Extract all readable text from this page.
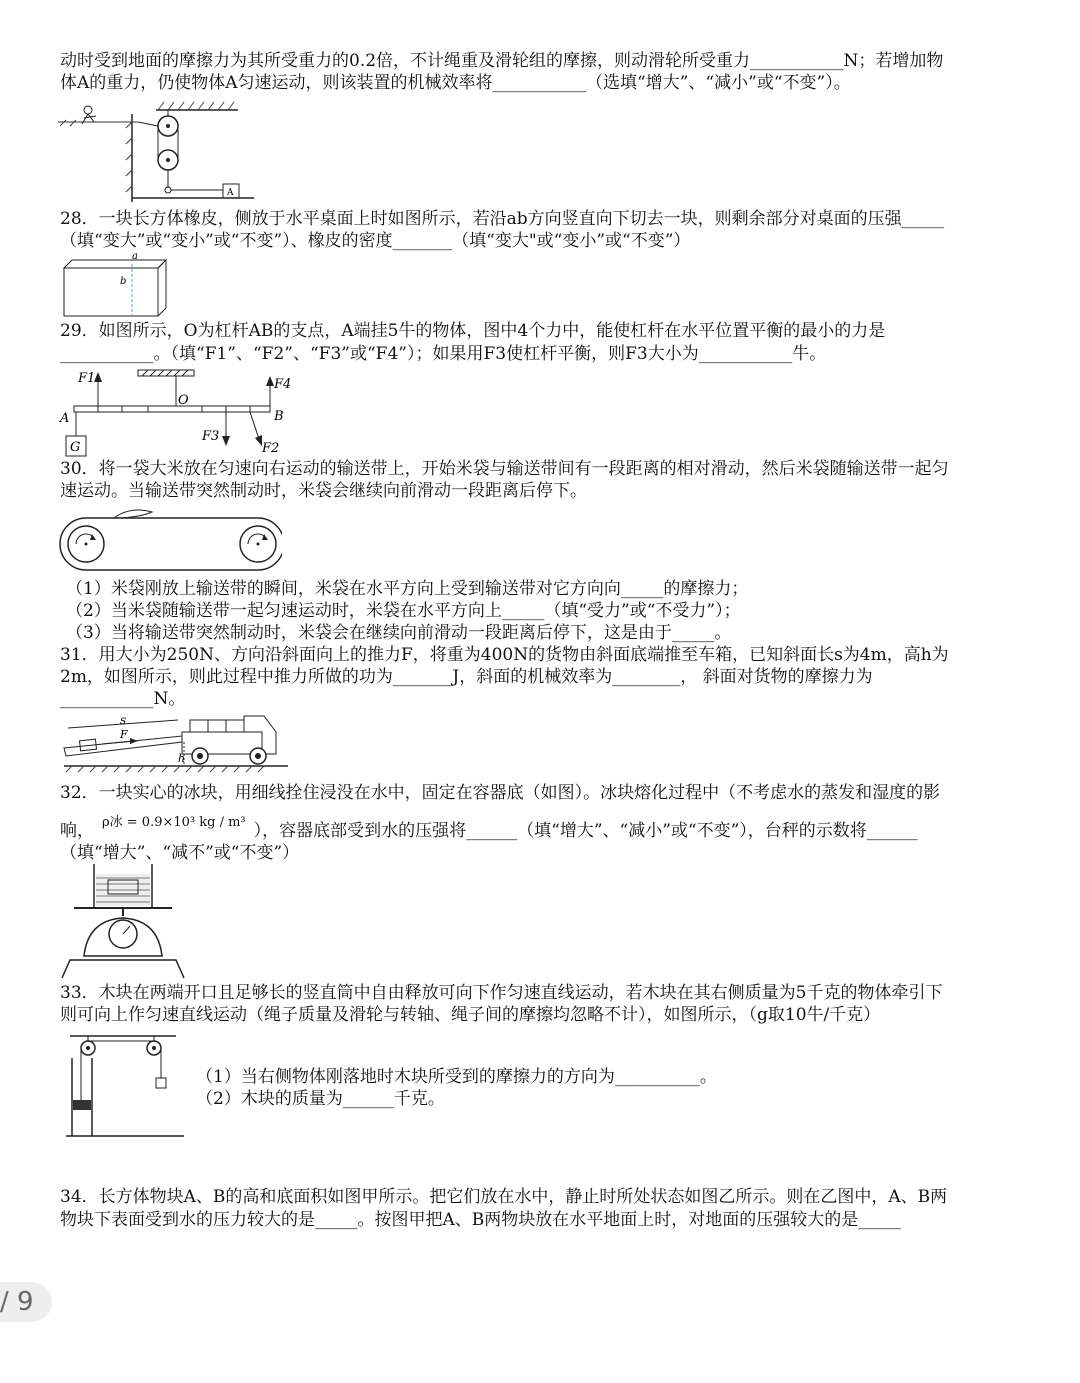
动时受到地面的摩擦力为其所受重力的0.2倍，不计绳重及滑轮组的摩擦，则动滑轮所受重力___________N；若增加物
体A的重力，仍使物体A匀速运动，则该装置的机械效率将___________（选填“增大”、“减小”或“不变”）。
A
28．一块长方体橡皮，侧放于水平桌面上时如图所示，若沿ab方向竖直向下切去一块，则剩余部分对桌面的压强_____
（填“变大”或“变小”或“不变”）、橡皮的密度_______（填“变大"或“变小”或“不变”）
a
b
29．如图所示，O为杠杆AB的支点，A端挂5牛的物体，图中4个力中，能使杠杆在水平位置平衡的最小的力是
___________。（填“F1”、“F2”、“F3”或“F4”）；如果用F3使杠杆平衡，则F3大小为___________牛。
O
A	B
F1	F4
F3
F2
G
30．将一袋大米放在匀速向右运动的输送带上，开始米袋与输送带间有一段距离的相对滑动，然后米袋随输送带一起匀
速运动。当输送带突然制动时，米袋会继续向前滑动一段距离后停下。
（1）米袋刚放上输送带的瞬间，米袋在水平方向上受到输送带对它方向向_____的摩擦力；
（2）当米袋随输送带一起匀速运动时，米袋在水平方向上_____（填“受力”或“不受力”）；
（3）当将输送带突然制动时，米袋会在继续向前滑动一段距离后停下，这是由于_____。
31．用大小为250N、方向沿斜面向上的推力F，将重为400N的货物由斜面底端推至车箱，已知斜面长s为4m，高h为
2m，如图所示，则此过程中推力所做的功为_______J，斜面的机械效率为________， 斜面对货物的摩擦力为
___________N。
s
F
h
32．一块实心的冰块，用细线拴住浸没在水中，固定在容器底（如图）。冰块熔化过程中（不考虑水的蒸发和湿度的影
响， ρ冰 = 0.9×10³ kg / m³ ），容器底部受到水的压强将______（填“增大”、“减小”或“不变”），台秤的示数将______
（填“增大”、“减不”或“不变”）
33．木块在两端开口且足够长的竖直筒中自由释放可向下作匀速直线运动，若木块在其右侧质量为5千克的物体牵引下
则可向上作匀速直线运动（绳子质量及滑轮与转轴、绳子间的摩擦均忽略不计），如图所示，（g取10牛/千克）
（1）当右侧物体刚落地时木块所受到的摩擦力的方向为__________。
（2）木块的质量为______千克。
34．长方体物块A、B的高和底面积如图甲所示。把它们放在水中，静止时所处状态如图乙所示。则在乙图中，A、B两
物块下表面受到水的压力较大的是_____。按图甲把A、B两物块放在水平地面上时，对地面的压强较大的是_____
/ 9
